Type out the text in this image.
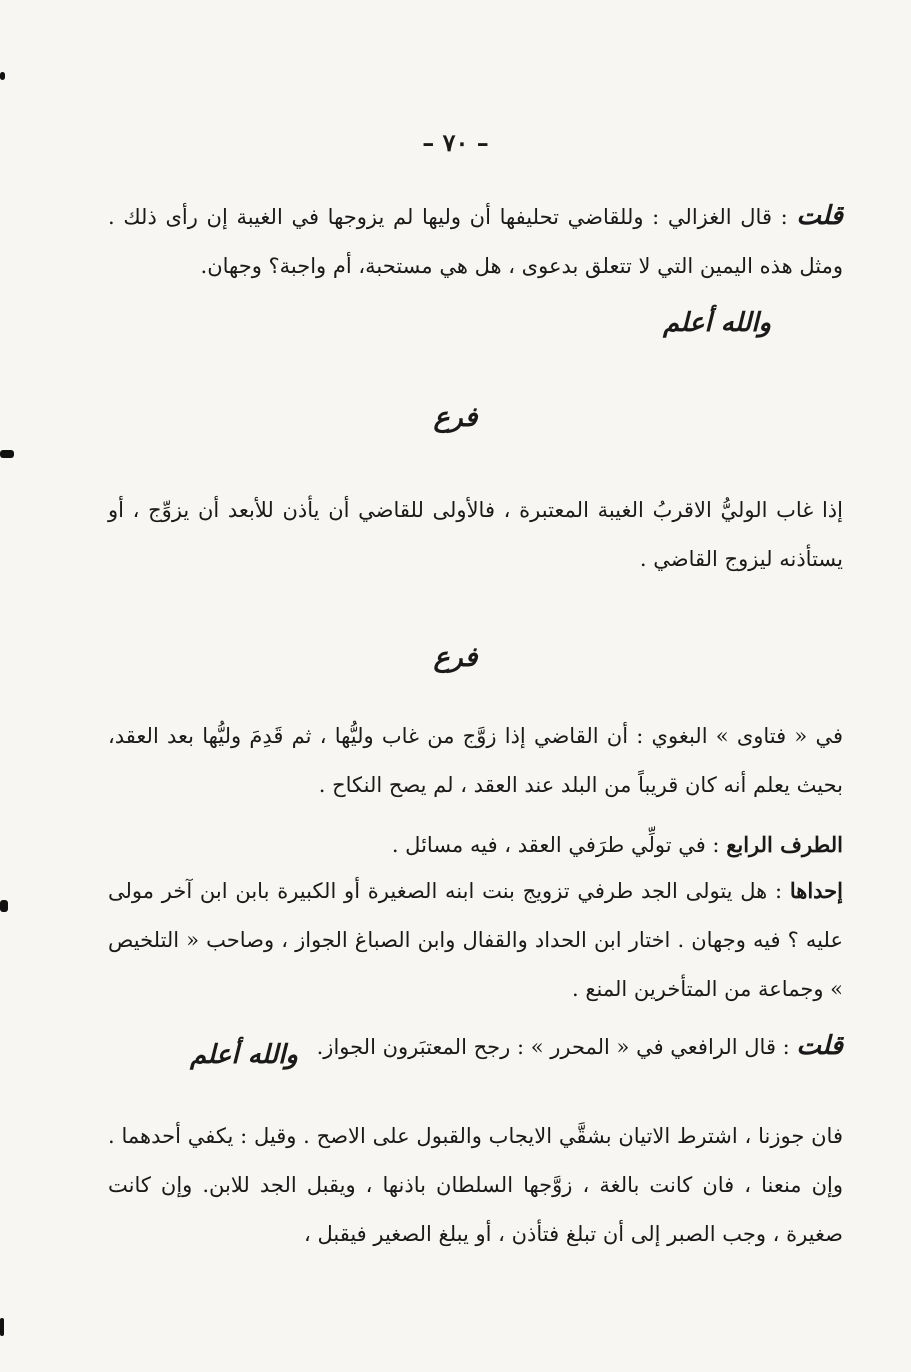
– ٧٠ –
قلت : قال الغزالي : وللقاضي تحليفها أن وليها لم يزوجها في الغيبة إن رأى ذلك . ومثل هذه اليمين التي لا تتعلق بدعوى ، هل هي مستحبة، أم واجبة؟ وجهان.
والله أعلم
فرع
إذا غاب الوليُّ الاقربُ الغيبة المعتبرة ، فالأولى للقاضي أن يأذن للأبعد أن يزوِّج ، أو يستأذنه ليزوج القاضي .
فرع
في « فتاوى » البغوي : أن القاضي إذا زوَّج من غاب وليُّها ، ثم قَدِمَ وليُّها بعد العقد، بحيث يعلم أنه كان قريباً من البلد عند العقد ، لم يصح النكاح .
الطرف الرابع : في تولِّي طرَفي العقد ، فيه مسائل .
إحداها : هل يتولى الجد طرفي تزويج بنت ابنه الصغيرة أو الكبيرة بابن ابن آخر مولى عليه ؟ فيه وجهان . اختار ابن الحداد والقفال وابن الصباغ الجواز ، وصاحب « التلخيص » وجماعة من المتأخرين المنع .
قلت : قال الرافعي في « المحرر » : رجح المعتبَرون الجواز.
والله أعلم
فان جوزنا ، اشترط الاتيان بشقَّي الايجاب والقبول على الاصح . وقيل : يكفي أحدهما . وإن منعنا ، فان كانت بالغة ، زوَّجها السلطان باذنها ، ويقبل الجد للابن. وإن كانت صغيرة ، وجب الصبر إلى أن تبلغ فتأذن ، أو يبلغ الصغير فيقبل ،
